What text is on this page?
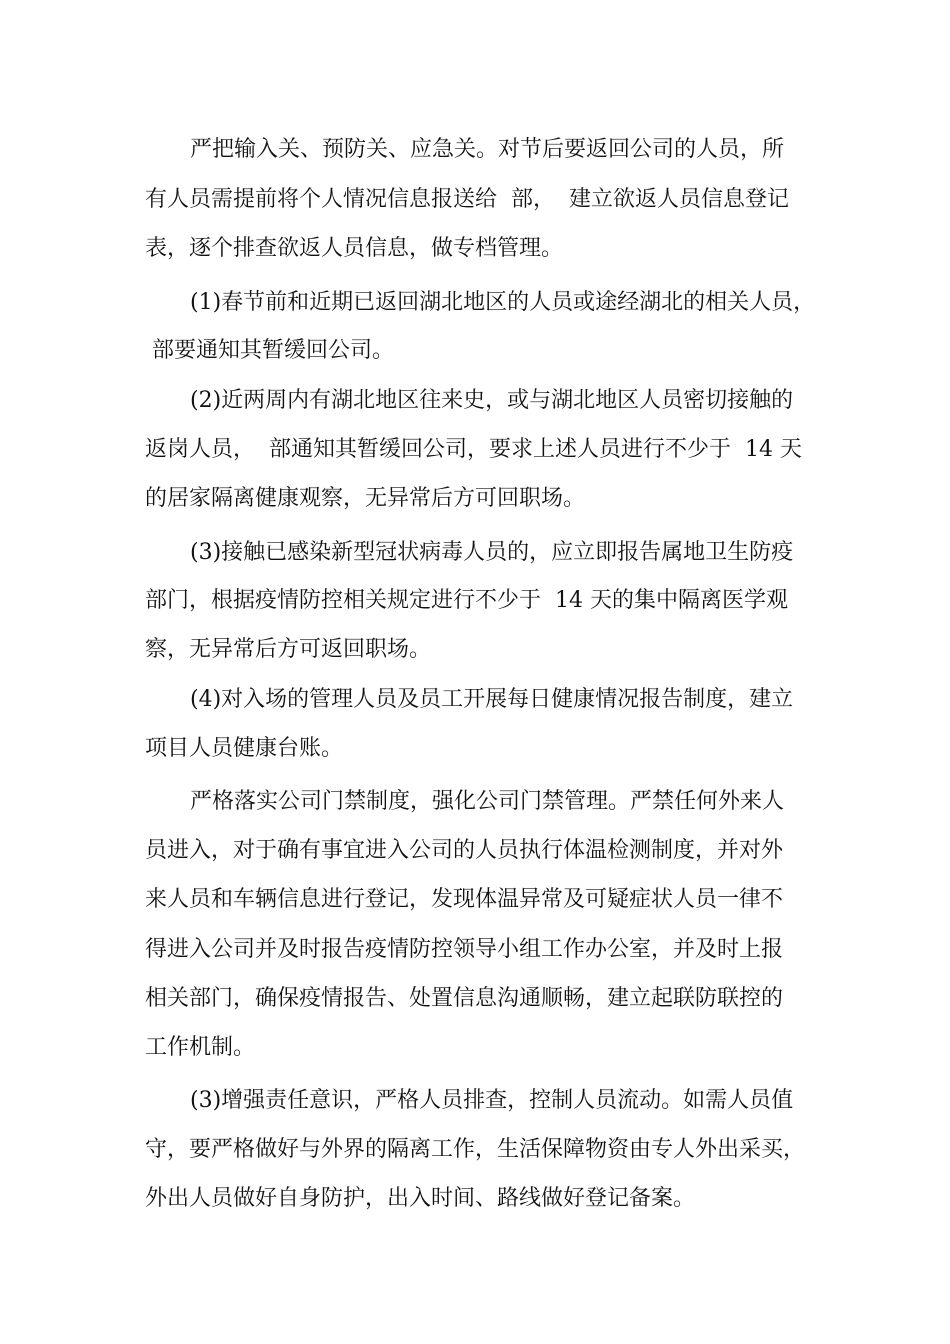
严把输入关、预防关、应急关。对节后要返回公司的人员，所
有人员需提前将个人情况信息报送给  部，  建立欲返人员信息登记
表，逐个排查欲返人员信息，做专档管理。
(1)春节前和近期已返回湖北地区的人员或途经湖北的相关人员，
部要通知其暂缓回公司。
(2)近两周内有湖北地区往来史，或与湖北地区人员密切接触的
返岗人员，  部通知其暂缓回公司，要求上述人员进行不少于  14 天
的居家隔离健康观察，无异常后方可回职场。
(3)接触已感染新型冠状病毒人员的，应立即报告属地卫生防疫
部门，根据疫情防控相关规定进行不少于  14 天的集中隔离医学观
察，无异常后方可返回职场。
(4)对入场的管理人员及员工开展每日健康情况报告制度，建立
项目人员健康台账。
严格落实公司门禁制度，强化公司门禁管理。严禁任何外来人
员进入，对于确有事宜进入公司的人员执行体温检测制度，并对外
来人员和车辆信息进行登记，发现体温异常及可疑症状人员一律不
得进入公司并及时报告疫情防控领导小组工作办公室，并及时上报
相关部门，确保疫情报告、处置信息沟通顺畅，建立起联防联控的
工作机制。
(3)增强责任意识，严格人员排查，控制人员流动。如需人员值
守，要严格做好与外界的隔离工作，生活保障物资由专人外出采买，
外出人员做好自身防护，出入时间、路线做好登记备案。
